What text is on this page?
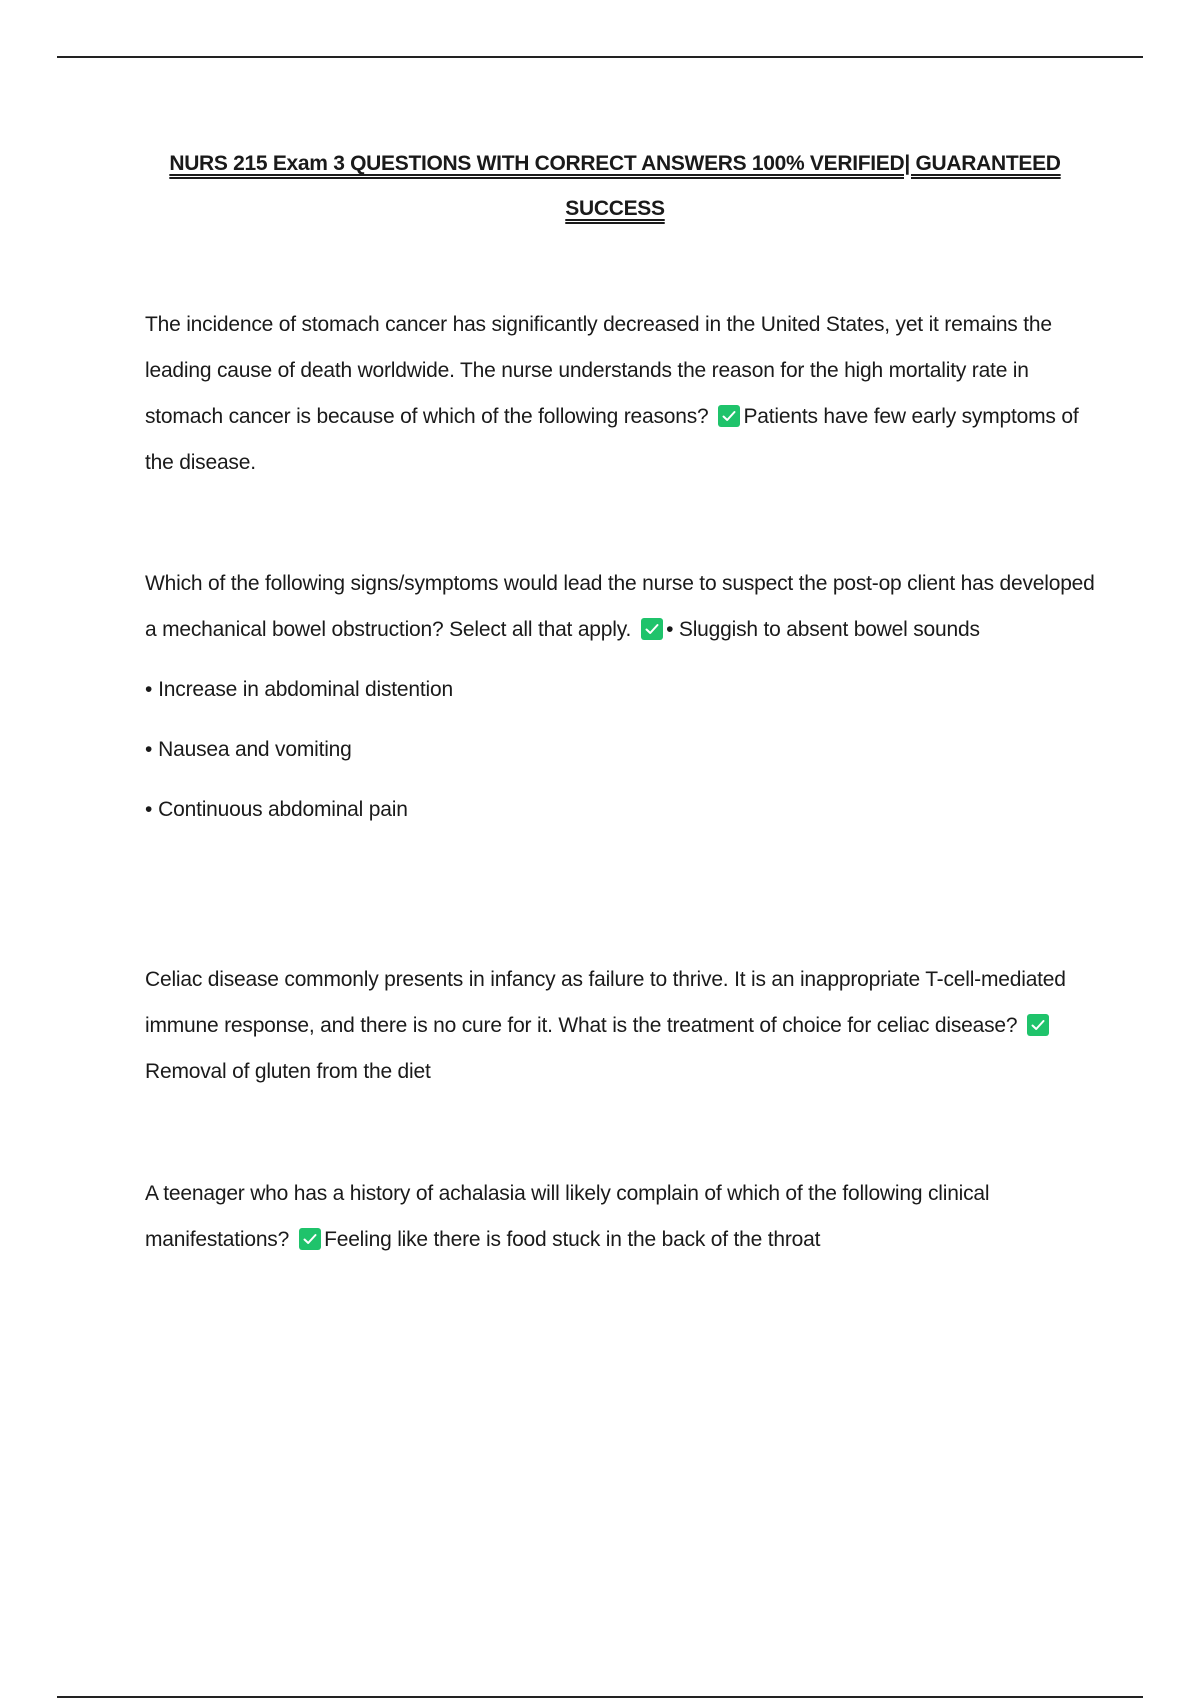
NURS 215 Exam 3 QUESTIONS WITH CORRECT ANSWERS 100% VERIFIED| GUARANTEED SUCCESS
The incidence of stomach cancer has significantly decreased in the United States, yet it remains the leading cause of death worldwide. The nurse understands the reason for the high mortality rate in stomach cancer is because of which of the following reasons? Patients have few early symptoms of the disease.
Which of the following signs/symptoms would lead the nurse to suspect the post-op client has developed a mechanical bowel obstruction? Select all that apply. • Sluggish to absent bowel sounds
• Increase in abdominal distention
• Nausea and vomiting
• Continuous abdominal pain
Celiac disease commonly presents in infancy as failure to thrive. It is an inappropriate T-cell-mediated immune response, and there is no cure for it. What is the treatment of choice for celiac disease?
Removal of gluten from the diet
A teenager who has a history of achalasia will likely complain of which of the following clinical manifestations? Feeling like there is food stuck in the back of the throat
